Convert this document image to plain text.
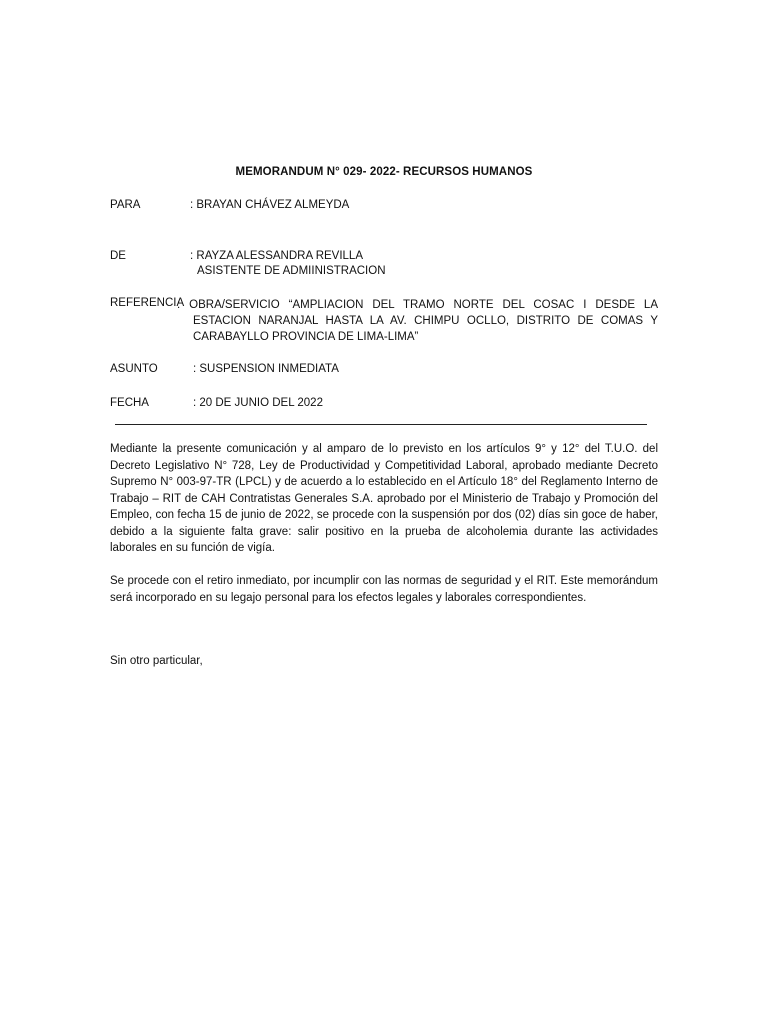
MEMORANDUM N° 029- 2022- RECURSOS HUMANOS
PARA	: BRAYAN CHÁVEZ ALMEYDA
DE	: RAYZA ALESSANDRA REVILLA
ASISTENTE DE ADMIINISTRACION
REFERENCIA
: OBRA/SERVICIO “AMPLIACION DEL TRAMO NORTE DEL COSAC I DESDE LA ESTACION NARANJAL HASTA LA AV. CHIMPU OCLLO, DISTRITO DE COMAS Y CARABAYLLO PROVINCIA DE LIMA-LIMA”
ASUNTO	: SUSPENSION INMEDIATA
FECHA	: 20 DE JUNIO DEL 2022
Mediante la presente comunicación y al amparo de lo previsto en los artículos 9° y 12° del T.U.O. del Decreto Legislativo N° 728, Ley de Productividad y Competitividad Laboral, aprobado mediante Decreto Supremo N° 003-97-TR (LPCL) y de acuerdo a lo establecido en el Artículo 18° del Reglamento Interno de Trabajo – RIT de CAH Contratistas Generales S.A. aprobado por el Ministerio de Trabajo y Promoción del Empleo, con fecha 15 de junio de 2022, se procede con la suspensión por dos (02) días sin goce de haber, debido a la siguiente falta grave: salir positivo en la prueba de alcoholemia durante las actividades laborales en su función de vigía.
Se procede con el retiro inmediato, por incumplir con las normas de seguridad y el RIT. Este memorándum será incorporado en su legajo personal para los efectos legales y laborales correspondientes.
Sin otro particular,
